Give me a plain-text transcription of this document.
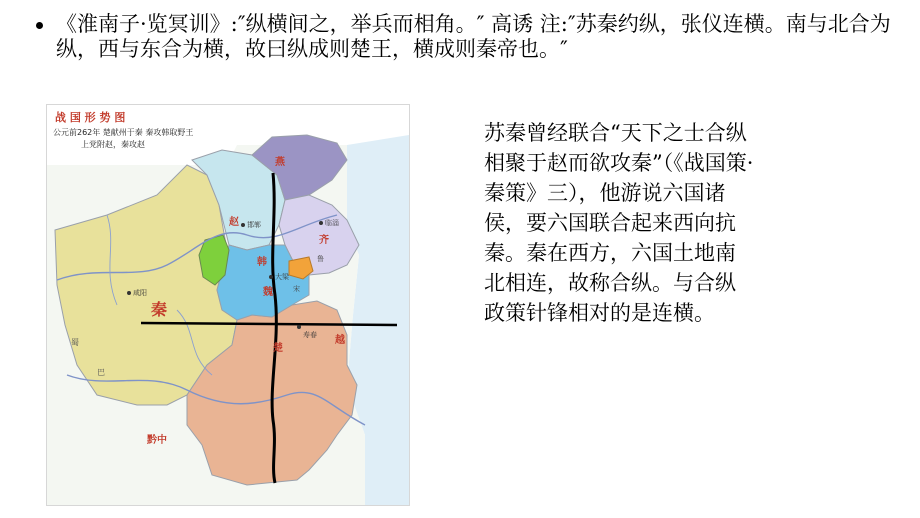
《淮南子·览冥训》:″纵横间之，举兵而相角。″ 高诱 注:″苏秦约纵，张仪连横。南与北合为纵，西与东合为横，故曰纵成则楚王，横成则秦帝也。″
战 国 形 势 图
公元前262年 楚献州于秦 秦攻韩取野王
上党附赵，秦攻赵
燕
赵
齐
韩
魏
秦
楚
越
鲁
宋
黔中
巴
蜀
咸阳
邯郸
大梁
临淄
寿春
苏秦曾经联合“天下之士合纵相聚于赵而欲攻秦”（《战国策·秦策》三），他游说六国诸侯，要六国联合起来西向抗秦。秦在西方，六国土地南北相连，故称合纵。与合纵政策针锋相对的是连横。
